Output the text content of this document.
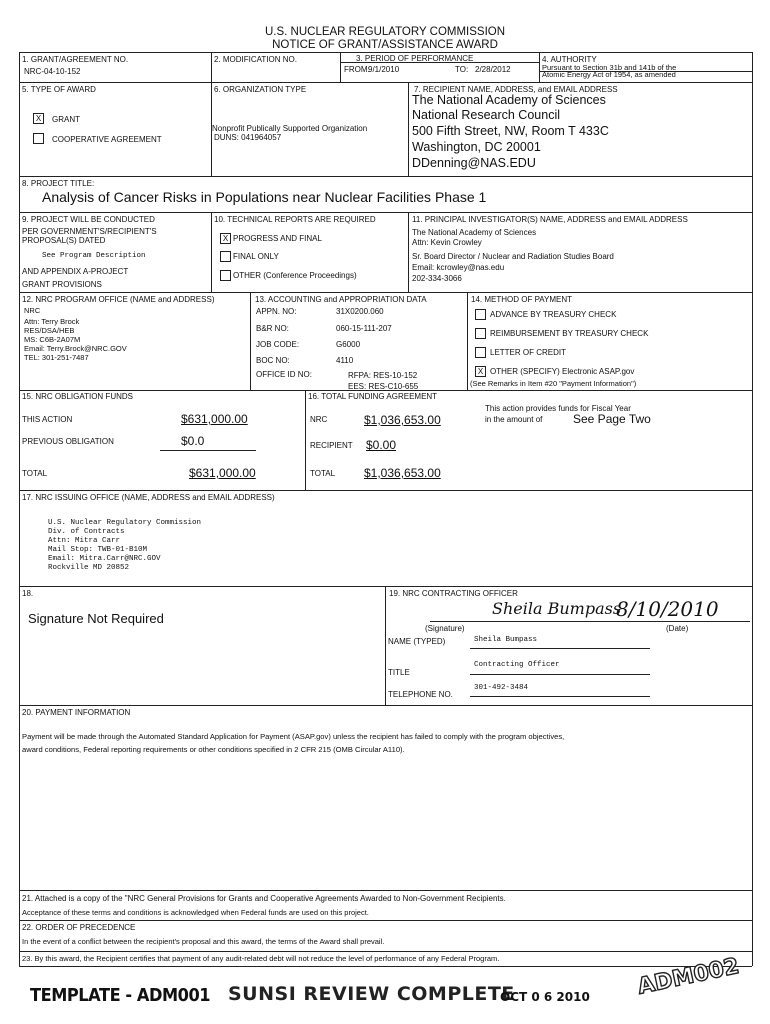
U.S. NUCLEAR REGULATORY COMMISSION
NOTICE OF GRANT/ASSISTANCE AWARD
1. GRANT/AGREEMENT NO.
NRC-04-10-152
2. MODIFICATION NO.	3. PERIOD OF PERFORMANCE
FROM:
9/1/2010	TO: 2/28/2012
4. AUTHORITY
Pursuant to Section 31b and 141b of the
Atomic Energy Act of 1954, as amended
5. TYPE OF AWARD
X	GRANT
COOPERATIVE AGREEMENT
6. ORGANIZATION TYPE
Nonprofit Publically Supported Organization
DUNS: 041964057
7. RECIPIENT NAME, ADDRESS, and EMAIL ADDRESS
The National Academy of Sciences
National Research Council
500 Fifth Street, NW, Room T 433C
Washington, DC 20001
DDenning@NAS.EDU
8. PROJECT TITLE:
Analysis of Cancer Risks in Populations near Nuclear Facilities Phase 1
9. PROJECT WILL BE CONDUCTED
PER GOVERNMENT'S/RECIPIENT'S
PROPOSAL(S) DATED
See Program Description
AND APPENDIX A-PROJECT
GRANT PROVISIONS
10. TECHNICAL REPORTS ARE REQUIRED
X PROGRESS AND FINAL
FINAL ONLY
OTHER (Conference Proceedings)
11. PRINCIPAL INVESTIGATOR(S) NAME, ADDRESS and EMAIL ADDRESS
The National Academy of Sciences
Attn: Kevin Crowley
Sr. Board Director / Nuclear and Radiation Studies Board
Email: kcrowley@nas.edu
202-334-3066
12. NRC PROGRAM OFFICE (NAME and ADDRESS)
NRC
Attn: Terry Brock
RES/DSA/HEB
MS: C6B-2A07M
Email: Terry.Brock@NRC.GOV
TEL: 301-251-7487
13. ACCOUNTING and APPROPRIATION DATA
APPN. NO:	31X0200.060
B&R NO:	060-15-111-207
JOB CODE:	G6000
BOC NO:	4110
OFFICE ID NO:	RFPA: RES-10-152
EES: RES-C10-655
14. METHOD OF PAYMENT
ADVANCE BY TREASURY CHECK
REIMBURSEMENT BY TREASURY CHECK
LETTER OF CREDIT
X OTHER (SPECIFY) Electronic ASAP.gov
(See Remarks in Item #20 "Payment Information")
15. NRC OBLIGATION FUNDS
THIS ACTION	$631,000.00
PREVIOUS OBLIGATION	$0.0
TOTAL	$631,000.00
16. TOTAL FUNDING AGREEMENT
NRC	$1,036,653.00
RECIPIENT $0.00
TOTAL $1,036,653.00
This action provides funds for Fiscal Year
in the amount of	See Page Two
17. NRC ISSUING OFFICE (NAME, ADDRESS and EMAIL ADDRESS)
U.S. Nuclear Regulatory Commission
Div. of Contracts
Attn: Mitra Carr
Mail Stop: TWB-01-B10M
Email: Mitra.Carr@NRC.GOV
Rockville MD 20852
18.
Signature Not Required
19. NRC CONTRACTING OFFICER
Sheila Bumpass
8/10/2010
(Signature)	(Date)
NAME (TYPED)	Sheila Bumpass
TITLE
Contracting Officer
TELEPHONE NO.
301-492-3484
20. PAYMENT INFORMATION
Payment will be made through the Automated Standard Application for Payment (ASAP.gov) unless the recipient has failed to comply with the program objectives,
award conditions, Federal reporting requirements or other conditions specified in 2 CFR 215 (OMB Circular A110).
21. Attached is a copy of the "NRC General Provisions for Grants and Cooperative Agreements Awarded to Non-Government Recipients.
Acceptance of these terms and conditions is acknowledged when Federal funds are used on this project.
22. ORDER OF PRECEDENCE
In the event of a conflict between the recipient's proposal and this award, the terms of the Award shall prevail.
23. By this award, the Recipient certifies that payment of any audit-related debt will not reduce the level of performance of any Federal Program.
TEMPLATE - ADM001 SUNSI REVIEW COMPLETE
OCT 0 6 2010 ADM002
